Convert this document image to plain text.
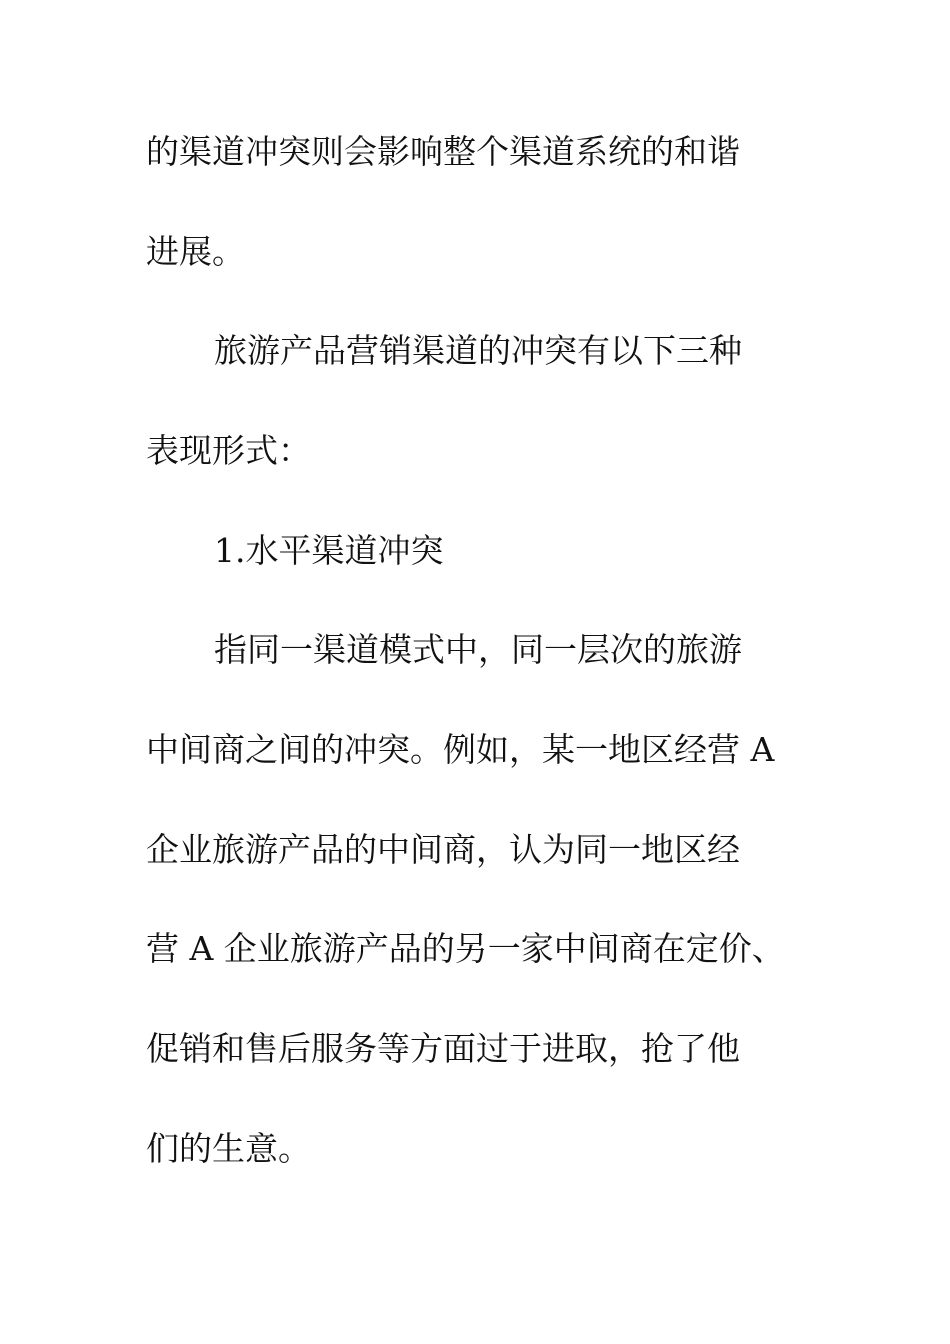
的渠道冲突则会影响整个渠道系统的和谐

进展。

旅游产品营销渠道的冲突有以下三种

表现形式：

1.水平渠道冲突

指同一渠道模式中，同一层次的旅游

中间商之间的冲突。例如，某一地区经营 A

企业旅游产品的中间商，认为同一地区经

营 A 企业旅游产品的另一家中间商在定价、

促销和售后服务等方面过于进取，抢了他

们的生意。
